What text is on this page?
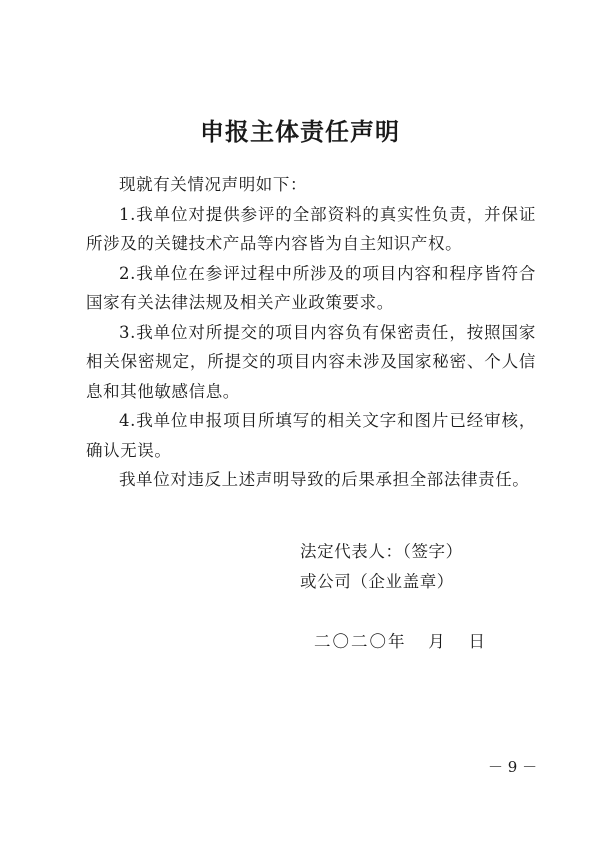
申报主体责任声明

现就有关情况声明如下：

1.我单位对提供参评的全部资料的真实性负责，并保证所涉及的关键技术产品等内容皆为自主知识产权。

2.我单位在参评过程中所涉及的项目内容和程序皆符合国家有关法律法规及相关产业政策要求。

3.我单位对所提交的项目内容负有保密责任，按照国家相关保密规定，所提交的项目内容未涉及国家秘密、个人信息和其他敏感信息。

4.我单位申报项目所填写的相关文字和图片已经审核，确认无误。

我单位对违反上述声明导致的后果承担全部法律责任。

法定代表人：（签字）
或公司（企业盖章）
二〇二〇年   月   日
－ 9 －
